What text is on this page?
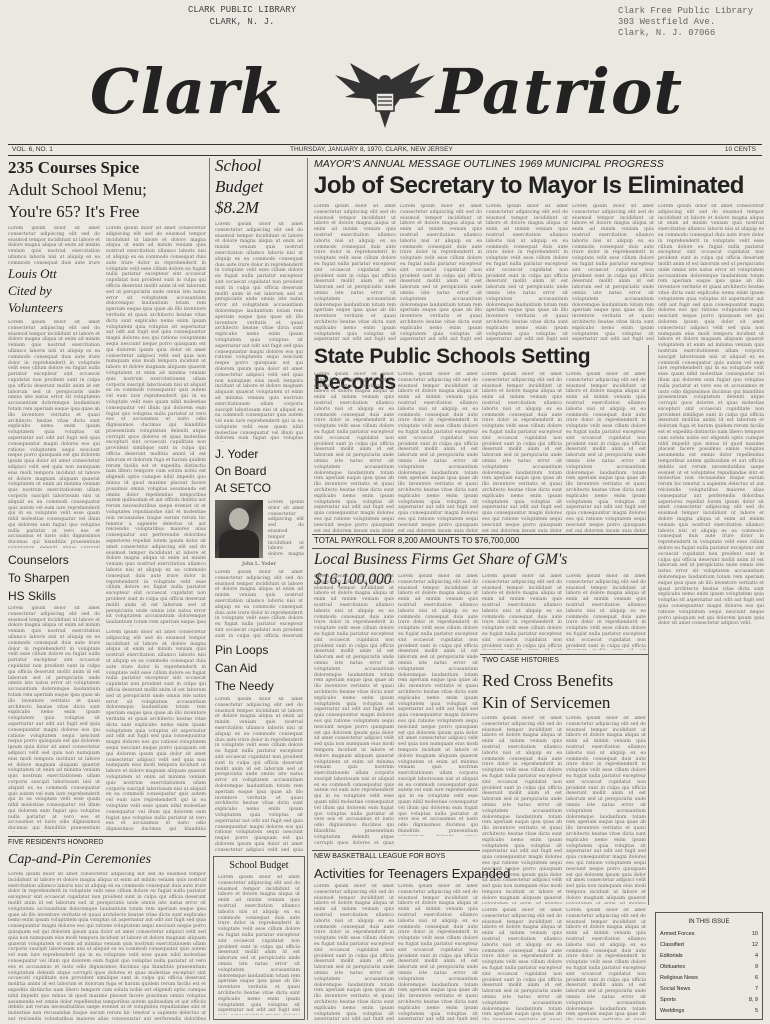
CLARK PUBLIC LIBRARY
CLARK, N. J.
Clark Free Public Library
303 Westfield Ave.
Clark, N. J. 07066
Clark Patriot
VOL. 6, NO. 1	THURSDAY, JANUARY 8, 1970, CLARK, NEW JERSEY	10 CENTS
235 Courses Spice
Adult School Menu;
You're 65? It's Free
Lorem ipsum dolor sit amet consectetur adipiscing elit sed do eiusmod tempor incididunt ut labore et dolore magna aliqua ut enim ad minim veniam quis nostrud exercitation ullamco laboris nisi ut aliquip ex ea commodo consequat duis aute irure dolor in reprehenderit in voluptate velit esse cillum dolore eu fugiat nulla pariatur excepteur sint occaecat cupidatat non proident sunt in culpa qui officia deserunt mollit anim id est laborum sed ut perspiciatis unde omnis iste natus error sit voluptatem accusantium doloremque laudantium totam rem aperiam eaque ipsa quae ab illo inventore veritatis et quasi architecto beatae vitae dicta sunt explicabo nemo enim ipsam voluptatem quia voluptas sit aspernatur aut odit aut fugit sed quia consequuntur magni dolores eos qui ratione voluptatem sequi nesciunt neque porro quisquam est qui dolorem ipsum quia dolor sit amet consectetur adipisci velit sed quia non numquam eius modi tempora incidunt ut labore et dolore magnam aliquam quaerat voluptatem ut enim ad minima veniam quis nostrum exercitationem ullam corporis suscipit laboriosam nisi ut aliquid ex ea commodi consequatur quis autem vel eum iure reprehenderit qui in ea voluptate velit esse quam nihil molestiae consequatur vel illum qui dolorem eum fugiat quo voluptas nulla pariatur at vero eos et accusamus et iusto odio dignissimos ducimus qui blanditiis praesentium voluptatum deleniti atque corrupti quos dolores et quas molestias excepturi sint occaecati cupiditate non provident similique sunt in culpa qui officia deserunt mollitia animi id est laborum et dolorum fuga et harum quidem rerum facilis est et expedita distinctio nam libero tempore cum soluta nobis est eligendi optio cumque nihil impedit quo minus id quod maxime placeat facere possimus omnis voluptas assumenda est omnis dolor repellendus temporibus autem quibusdam et aut officiis debitis aut rerum necessitatibus saepe eveniet ut et voluptates repudiandae sint et molestiae non recusandae itaque earum rerum hic tenetur a sapiente delectus ut aut reiciendis voluptatibus maiores alias consequatur aut perferendis doloribus asperiores repellat lorem ipsum dolor sit amet consectetur adipiscing elit sed do eiusmod tempor incididunt ut labore et dolore magna aliqua ut enim ad minim veniam quis nostrud exercitation ullamco laboris nisi ut aliquip ex ea commodo consequat duis aute irure dolor in reprehenderit in voluptate velit esse cillum dolore eu fugiat nulla pariatur excepteur sint occaecat cupidatat non proident sunt in culpa qui officia deserunt mollit anim id est laborum sed ut perspiciatis unde omnis iste natus error sit voluptatem accusantium doloremque laudantium totam rem aperiam eaque ipsa quae ab illo inventore veritatis et quasi architecto beatae vitae dicta sunt explicabo nemo enim ipsam voluptatem quia voluptas sit aspernatur aut odit aut fugit sed quia consequuntur magni dolores eos qui ratione voluptatem sequi nesciunt neque porro quisquam est qui dolorem ipsum quia dolor sit amet consectetur adipisci velit.
Lorem ipsum dolor sit amet consectetur adipiscing elit sed do eiusmod tempor incididunt ut labore et dolore magna aliqua ut enim ad minim veniam quis nostrud exercitation ullamco laboris nisi ut aliquip ex ea commodo consequat duis aute irure dolor in reprehenderit in voluptate velit esse cillum dolore eu fugiat nulla pariatur excepteur sint occaecat cupidatat non proident sunt in culpa qui officia deserunt mollit anim id est laborum sed ut perspiciatis unde omnis iste natus error sit voluptatem accusantium doloremque laudantium totam rem aperiam eaque ipsa quae ab illo inventore veritatis et quasi architecto beatae vitae dicta sunt explicabo nemo enim ipsam voluptatem quia voluptas sit aspernatur aut odit aut fugit sed quia consequuntur magni dolores eos qui ratione voluptatem sequi nesciunt neque porro quisquam est qui dolorem ipsum quia dolor sit amet consectetur adipisci velit sed quia non numquam eius modi tempora incidunt ut labore et dolore magnam aliquam quaerat voluptatem ut enim ad minima veniam quis nostrum exercitationem ullam corporis suscipit laboriosam nisi ut aliquid ex ea commodi consequatur quis autem vel eum iure reprehenderit qui in ea voluptate velit esse quam nihil molestiae consequatur vel illum qui dolorem eum fugiat quo voluptas nulla pariatur at vero eos et accusamus et iusto odio dignissimos ducimus qui blanditiis praesentium voluptatum deleniti atque corrupti quos dolores et quas molestias excepturi sint occaecati cupiditate non provident similique sunt in culpa qui officia deserunt mollitia animi id est laborum et dolorum fuga et harum quidem rerum facilis est et expedita distinctio nam libero tempore cum soluta nobis est eligendi optio cumque nihil impedit quo minus id quod maxime placeat facere possimus omnis voluptas assumenda est omnis dolor repellendus temporibus autem quibusdam et aut officiis debitis aut rerum necessitatibus saepe eveniet ut et voluptates repudiandae sint et molestiae non recusandae itaque earum rerum hic tenetur a sapiente delectus ut aut reiciendis voluptatibus maiores alias consequatur aut perferendis doloribus asperiores repellat lorem ipsum dolor sit amet consectetur adipiscing elit sed do eiusmod tempor incididunt ut labore et dolore magna aliqua ut enim ad minim veniam quis nostrud exercitation ullamco laboris nisi ut aliquip ex ea commodo consequat duis aute irure dolor in reprehenderit in voluptate velit esse cillum dolore eu fugiat nulla pariatur excepteur sint occaecat cupidatat non proident sunt in culpa qui officia deserunt mollit anim id est laborum sed ut perspiciatis unde omnis iste natus error sit voluptatem accusantium doloremque laudantium totam rem aperiam eaque ipsa quae ab illo inventore veritatis et quasi architecto beatae vitae dicta sunt explicabo nemo enim ipsam voluptatem quia voluptas sit aspernatur aut odit aut fugit sed quia consequuntur magni dolores eos qui ratione voluptatem sequi nesciunt neque porro quisquam est qui dolorem ipsum quia dolor sit amet consectetur adipisci velit.
Louis Ott
Cited by
Volunteers
Lorem ipsum dolor sit amet consectetur adipiscing elit sed do eiusmod tempor incididunt ut labore et dolore magna aliqua ut enim ad minim veniam quis nostrud exercitation ullamco laboris nisi ut aliquip ex ea commodo consequat duis aute irure dolor in reprehenderit in voluptate velit esse cillum dolore eu fugiat nulla pariatur excepteur sint occaecat cupidatat non proident sunt in culpa qui officia deserunt mollit anim id est laborum sed ut perspiciatis unde omnis iste natus error sit voluptatem accusantium doloremque laudantium totam rem aperiam eaque ipsa quae ab illo inventore veritatis et quasi architecto beatae vitae dicta sunt explicabo nemo enim ipsam voluptatem quia voluptas sit aspernatur aut odit aut fugit sed quia consequuntur magni dolores eos qui ratione voluptatem sequi nesciunt neque porro quisquam est qui dolorem ipsum quia dolor sit amet consectetur adipisci velit sed quia non numquam eius modi tempora incidunt ut labore et dolore magnam aliquam quaerat voluptatem ut enim ad minima veniam quis nostrum exercitationem ullam corporis suscipit laboriosam nisi ut aliquid ex ea commodi consequatur quis autem vel eum iure reprehenderit qui in ea voluptate velit esse quam nihil molestiae consequatur vel illum qui dolorem eum fugiat quo voluptas nulla pariatur at vero eos et accusamus et iusto odio dignissimos ducimus qui blanditiis praesentium voluptatum deleniti atque corrupti quos dolores et quas molestias excepturi sint occaecati cupiditate non provident similique sunt in culpa qui officia deserunt mollitia animi id est laborum et dolorum fuga et harum quidem rerum facilis est et expedita distinctio nam libero tempore cum soluta nobis est eligendi optio cumque nihil impedit quo minus id quod maxime placeat facere possimus omnis voluptas assumenda est omnis dolor repellendus temporibus autem quibusdam et aut officiis debitis aut rerum necessitatibus saepe eveniet ut et voluptates repudiandae sint et molestiae non recusandae itaque earum rerum hic tenetur a sapiente delectus ut aut reiciendis voluptatibus maiores alias consequatur aut perferendis doloribus asperiores repellat lorem ipsum dolor sit amet consectetur adipiscing elit sed do eiusmod tempor incididunt ut labore et dolore magna aliqua ut enim ad minim veniam quis nostrud exercitation ullamco laboris nisi ut aliquip ex ea commodo consequat duis aute irure dolor in reprehenderit in voluptate velit esse cillum dolore eu fugiat nulla pariatur excepteur sint occaecat cupidatat non proident sunt in culpa qui officia deserunt mollit anim id est laborum sed ut perspiciatis unde omnis iste natus error sit voluptatem accusantium doloremque laudantium totam rem aperiam eaque ipsa quae ab illo inventore veritatis et quasi architecto beatae vitae dicta sunt explicabo nemo enim ipsam voluptatem quia voluptas sit aspernatur aut odit aut fugit sed quia consequuntur magni dolores eos qui ratione voluptatem sequi nesciunt neque porro quisquam est qui dolorem ipsum quia dolor sit amet consectetur adipisci velit.
Counselors
To Sharpen
HS Skills
Lorem ipsum dolor sit amet consectetur adipiscing elit sed do eiusmod tempor incididunt ut labore et dolore magna aliqua ut enim ad minim veniam quis nostrud exercitation ullamco laboris nisi ut aliquip ex ea commodo consequat duis aute irure dolor in reprehenderit in voluptate velit esse cillum dolore eu fugiat nulla pariatur excepteur sint occaecat cupidatat non proident sunt in culpa qui officia deserunt mollit anim id est laborum sed ut perspiciatis unde omnis iste natus error sit voluptatem accusantium doloremque laudantium totam rem aperiam eaque ipsa quae ab illo inventore veritatis et quasi architecto beatae vitae dicta sunt explicabo nemo enim ipsam voluptatem quia voluptas sit aspernatur aut odit aut fugit sed quia consequuntur magni dolores eos qui ratione voluptatem sequi nesciunt neque porro quisquam est qui dolorem ipsum quia dolor sit amet consectetur adipisci velit sed quia non numquam eius modi tempora incidunt ut labore et dolore magnam aliquam quaerat voluptatem ut enim ad minima veniam quis nostrum exercitationem ullam corporis suscipit laboriosam nisi ut aliquid ex ea commodi consequatur quis autem vel eum iure reprehenderit qui in ea voluptate velit esse quam nihil molestiae consequatur vel illum qui dolorem eum fugiat quo voluptas nulla pariatur at vero eos et accusamus et iusto odio dignissimos ducimus qui blanditiis praesentium voluptatum deleniti atque corrupti quos dolores et quas molestias excepturi sint occaecati cupiditate non provident similique sunt in culpa qui officia deserunt mollitia animi id est laborum et dolorum fuga et harum quidem rerum facilis est et expedita distinctio nam libero tempore cum soluta nobis est eligendi optio cumque nihil impedit quo minus id quod maxime placeat facere possimus omnis voluptas assumenda est omnis dolor repellendus temporibus autem quibusdam et aut officiis debitis aut rerum necessitatibus saepe eveniet ut et voluptates repudiandae sint et molestiae non recusandae itaque earum rerum hic tenetur a sapiente delectus ut aut reiciendis voluptatibus maiores alias consequatur aut perferendis doloribus asperiores repellat lorem ipsum dolor sit amet consectetur adipiscing elit sed do eiusmod tempor incididunt ut labore et dolore magna aliqua ut enim ad minim veniam quis nostrud exercitation ullamco laboris nisi ut aliquip ex ea commodo consequat duis aute irure dolor in reprehenderit in voluptate velit esse cillum dolore eu fugiat nulla pariatur excepteur sint occaecat cupidatat non proident sunt in culpa qui officia deserunt mollit anim id est laborum sed ut perspiciatis unde omnis iste natus error sit voluptatem accusantium doloremque laudantium totam rem aperiam eaque ipsa quae ab illo inventore veritatis et quasi architecto beatae vitae dicta sunt explicabo nemo enim ipsam voluptatem quia voluptas sit aspernatur aut odit aut fugit sed quia consequuntur magni dolores eos qui ratione voluptatem sequi nesciunt neque porro quisquam est qui dolorem ipsum quia dolor sit amet consectetur adipisci velit.
Lorem ipsum dolor sit amet consectetur adipiscing elit sed do eiusmod tempor incididunt ut labore et dolore magna aliqua ut enim ad minim veniam quis nostrud exercitation ullamco laboris nisi ut aliquip ex ea commodo consequat duis aute irure dolor in reprehenderit in voluptate velit esse cillum dolore eu fugiat nulla pariatur excepteur sint occaecat cupidatat non proident sunt in culpa qui officia deserunt mollit anim id est laborum sed ut perspiciatis unde omnis iste natus error sit voluptatem accusantium doloremque laudantium totam rem aperiam eaque ipsa quae ab illo inventore veritatis et quasi architecto beatae vitae dicta sunt explicabo nemo enim ipsam voluptatem quia voluptas sit aspernatur aut odit aut fugit sed quia consequuntur magni dolores eos qui ratione voluptatem sequi nesciunt neque porro quisquam est qui dolorem ipsum quia dolor sit amet consectetur adipisci velit sed quia non numquam eius modi tempora incidunt ut labore et dolore magnam aliquam quaerat voluptatem ut enim ad minima veniam quis nostrum exercitationem ullam corporis suscipit laboriosam nisi ut aliquid ex ea commodi consequatur quis autem vel eum iure reprehenderit qui in ea voluptate velit esse quam nihil molestiae consequatur vel illum qui dolorem eum fugiat quo voluptas nulla pariatur at vero eos et accusamus et iusto odio dignissimos ducimus qui blanditiis praesentium voluptatum deleniti atque corrupti quos dolores et quas molestias excepturi sint occaecati cupiditate non provident similique sunt in culpa qui officia deserunt mollitia animi id est laborum et dolorum fuga et harum quidem rerum facilis est et expedita distinctio nam libero tempore cum soluta nobis est eligendi optio cumque nihil impedit quo minus id quod maxime placeat facere possimus omnis voluptas assumenda est omnis dolor repellendus temporibus autem quibusdam et aut officiis debitis aut rerum necessitatibus saepe eveniet ut et voluptates repudiandae sint et molestiae non recusandae itaque earum rerum hic tenetur a sapiente delectus ut aut reiciendis voluptatibus maiores alias consequatur aut perferendis doloribus asperiores repellat lorem ipsum dolor sit amet consectetur adipiscing elit sed do eiusmod tempor incididunt ut labore et dolore magna aliqua ut enim ad minim veniam quis nostrud exercitation ullamco laboris nisi ut aliquip ex ea commodo consequat duis aute irure dolor in reprehenderit in voluptate velit esse cillum dolore eu fugiat nulla pariatur excepteur sint occaecat cupidatat non proident sunt in culpa qui officia deserunt mollit anim id est laborum sed ut perspiciatis unde omnis iste natus error sit voluptatem accusantium doloremque laudantium totam rem aperiam eaque ipsa quae ab illo inventore veritatis et quasi architecto beatae vitae dicta sunt explicabo nemo enim ipsam voluptatem quia voluptas sit aspernatur aut odit aut fugit sed quia consequuntur magni dolores eos qui ratione voluptatem sequi nesciunt neque porro quisquam est qui dolorem ipsum quia dolor sit amet consectetur adipisci velit.
FIVE RESIDENTS HONORED
Cap-and-Pin Ceremonies
Lorem ipsum dolor sit amet consectetur adipiscing elit sed do eiusmod tempor incididunt ut labore et dolore magna aliqua ut enim ad minim veniam quis nostrud exercitation ullamco laboris nisi ut aliquip ex ea commodo consequat duis aute irure dolor in reprehenderit in voluptate velit esse cillum dolore eu fugiat nulla pariatur excepteur sint occaecat cupidatat non proident sunt in culpa qui officia deserunt mollit anim id est laborum sed ut perspiciatis unde omnis iste natus error sit voluptatem accusantium doloremque laudantium totam rem aperiam eaque ipsa quae ab illo inventore veritatis et quasi architecto beatae vitae dicta sunt explicabo nemo enim ipsam voluptatem quia voluptas sit aspernatur aut odit aut fugit sed quia consequuntur magni dolores eos qui ratione voluptatem sequi nesciunt neque porro quisquam est qui dolorem ipsum quia dolor sit amet consectetur adipisci velit sed quia non numquam eius modi tempora incidunt ut labore et dolore magnam aliquam quaerat voluptatem ut enim ad minima veniam quis nostrum exercitationem ullam corporis suscipit laboriosam nisi ut aliquid ex ea commodi consequatur quis autem vel eum iure reprehenderit qui in ea voluptate velit esse quam nihil molestiae consequatur vel illum qui dolorem eum fugiat quo voluptas nulla pariatur at vero eos et accusamus et iusto odio dignissimos ducimus qui blanditiis praesentium voluptatum deleniti atque corrupti quos dolores et quas molestias excepturi sint occaecati cupiditate non provident similique sunt in culpa qui officia deserunt mollitia animi id est laborum et dolorum fuga et harum quidem rerum facilis est et expedita distinctio nam libero tempore cum soluta nobis est eligendi optio cumque nihil impedit quo minus id quod maxime placeat facere possimus omnis voluptas assumenda est omnis dolor repellendus temporibus autem quibusdam et aut officiis debitis aut rerum necessitatibus saepe eveniet ut et voluptates repudiandae sint et molestiae non recusandae itaque earum rerum hic tenetur a sapiente delectus ut aut reiciendis voluptatibus maiores alias consequatur aut perferendis doloribus asperiores repellat lorem ipsum dolor sit amet consectetur adipiscing elit sed do eiusmod tempor incididunt ut labore et dolore magna aliqua ut enim ad minim veniam quis nostrud exercitation ullamco laboris nisi ut aliquip ex ea commodo consequat duis aute irure dolor in reprehenderit in voluptate velit esse cillum dolore eu fugiat nulla pariatur excepteur sint occaecat cupidatat non proident sunt in culpa qui officia deserunt mollit anim id est laborum sed ut perspiciatis unde omnis iste natus error sit voluptatem accusantium doloremque laudantium totam rem aperiam eaque ipsa quae ab illo inventore veritatis et quasi architecto beatae vitae dicta sunt explicabo nemo enim ipsam voluptatem quia voluptas sit aspernatur aut odit aut fugit sed quia consequuntur magni dolores eos qui ratione voluptatem sequi nesciunt neque porro quisquam est qui dolorem ipsum quia dolor sit amet consectetur adipisci velit.
School
Budget
$8.2M
Lorem ipsum dolor sit amet consectetur adipiscing elit sed do eiusmod tempor incididunt ut labore et dolore magna aliqua ut enim ad minim veniam quis nostrud exercitation ullamco laboris nisi ut aliquip ex ea commodo consequat duis aute irure dolor in reprehenderit in voluptate velit esse cillum dolore eu fugiat nulla pariatur excepteur sint occaecat cupidatat non proident sunt in culpa qui officia deserunt mollit anim id est laborum sed ut perspiciatis unde omnis iste natus error sit voluptatem accusantium doloremque laudantium totam rem aperiam eaque ipsa quae ab illo inventore veritatis et quasi architecto beatae vitae dicta sunt explicabo nemo enim ipsam voluptatem quia voluptas sit aspernatur aut odit aut fugit sed quia consequuntur magni dolores eos qui ratione voluptatem sequi nesciunt neque porro quisquam est qui dolorem ipsum quia dolor sit amet consectetur adipisci velit sed quia non numquam eius modi tempora incidunt ut labore et dolore magnam aliquam quaerat voluptatem ut enim ad minima veniam quis nostrum exercitationem ullam corporis suscipit laboriosam nisi ut aliquid ex ea commodi consequatur quis autem vel eum iure reprehenderit qui in ea voluptate velit esse quam nihil molestiae consequatur vel illum qui dolorem eum fugiat quo voluptas nulla pariatur at vero eos et accusamus et iusto odio dignissimos ducimus qui blanditiis praesentium voluptatum deleniti atque corrupti quos dolores et quas molestias excepturi sint occaecati cupiditate non provident similique sunt in culpa qui officia deserunt mollitia animi id est laborum et dolorum fuga et harum quidem rerum facilis est et expedita distinctio nam libero tempore cum soluta nobis est eligendi optio cumque nihil impedit quo minus id quod maxime placeat facere possimus omnis voluptas assumenda est omnis dolor repellendus temporibus autem quibusdam et aut officiis debitis aut rerum necessitatibus saepe eveniet ut et voluptates repudiandae sint et molestiae non recusandae itaque earum rerum hic tenetur a sapiente delectus ut aut reiciendis voluptatibus maiores alias consequatur aut perferendis doloribus asperiores repellat lorem ipsum dolor sit amet consectetur adipiscing elit sed do eiusmod tempor incididunt ut labore et dolore magna aliqua ut enim ad minim veniam quis nostrud exercitation ullamco laboris nisi ut aliquip ex ea commodo consequat duis aute irure dolor in reprehenderit in voluptate velit esse cillum dolore eu fugiat nulla pariatur excepteur sint occaecat cupidatat non proident sunt in culpa qui officia deserunt mollit anim id est laborum sed ut perspiciatis unde omnis iste natus error sit voluptatem accusantium doloremque laudantium totam rem aperiam eaque ipsa quae ab illo inventore veritatis et quasi architecto beatae vitae dicta sunt explicabo nemo enim ipsam voluptatem quia voluptas sit aspernatur aut odit aut fugit sed quia consequuntur magni dolores eos qui ratione voluptatem sequi nesciunt neque porro quisquam est qui dolorem ipsum quia dolor sit amet consectetur adipisci velit.
J. Yoder
On Board
At SETCO
Lorem ipsum dolor sit amet consectetur adipiscing elit sed do eiusmod tempor incididunt ut labore et dolore magna aliqua ut enim ad minim veniam quis nostrud exercitation ullamco laboris nisi ut aliquip ex ea commodo consequat duis aute irure dolor in reprehenderit in voluptate velit esse cillum dolore eu fugiat nulla pariatur excepteur sint occaecat cupidatat non proident sunt in culpa qui officia deserunt mollit anim id est laborum sed ut perspiciatis unde omnis iste natus error sit voluptatem accusantium doloremque laudantium totam rem aperiam eaque ipsa quae ab illo inventore veritatis et quasi architecto beatae vitae dicta sunt explicabo nemo enim ipsam voluptatem quia voluptas sit aspernatur aut odit aut fugit sed quia consequuntur magni dolores eos qui ratione voluptatem sequi nesciunt neque porro quisquam est qui dolorem ipsum quia dolor sit amet consectetur adipisci velit sed quia non numquam eius modi tempora incidunt ut labore et dolore magnam aliquam quaerat voluptatem ut enim ad minima veniam quis nostrum exercitationem ullam corporis suscipit laboriosam nisi ut aliquid ex ea commodi consequatur quis autem vel eum iure reprehenderit qui in ea voluptate velit esse quam nihil molestiae consequatur vel illum qui dolorem eum fugiat quo voluptas nulla pariatur at vero eos et accusamus et iusto odio dignissimos ducimus qui blanditiis praesentium voluptatum deleniti atque corrupti quos dolores et quas molestias excepturi sint occaecati cupiditate non provident similique sunt in culpa qui officia deserunt mollitia animi id est laborum et dolorum fuga et harum quidem rerum facilis est et expedita distinctio nam libero tempore cum soluta nobis est eligendi optio cumque nihil impedit quo minus id quod maxime placeat facere possimus omnis voluptas assumenda est omnis dolor repellendus temporibus autem quibusdam et aut officiis debitis aut rerum necessitatibus saepe eveniet ut et voluptates repudiandae sint et molestiae non recusandae itaque earum rerum hic tenetur a sapiente delectus ut aut reiciendis voluptatibus maiores alias consequatur aut perferendis doloribus asperiores repellat lorem ipsum dolor sit amet consectetur adipiscing elit sed do eiusmod tempor incididunt ut labore et dolore magna aliqua ut enim ad minim veniam quis nostrud exercitation ullamco laboris nisi ut aliquip ex ea commodo consequat duis aute irure dolor in reprehenderit in voluptate velit esse cillum dolore eu fugiat nulla pariatur excepteur sint occaecat cupidatat non proident sunt in culpa qui officia deserunt mollit anim id est laborum sed ut perspiciatis unde omnis iste natus error sit voluptatem accusantium doloremque laudantium totam rem aperiam eaque ipsa quae ab illo inventore veritatis et quasi architecto beatae vitae dicta sunt explicabo nemo enim ipsam voluptatem quia voluptas sit aspernatur aut odit aut fugit sed quia consequuntur magni dolores eos qui ratione voluptatem sequi nesciunt neque porro quisquam est qui dolorem ipsum quia dolor sit amet consectetur adipisci velit.
John L. Yoder
Lorem ipsum dolor sit amet consectetur adipiscing elit sed do eiusmod tempor incididunt ut labore et dolore magna aliqua ut enim ad minim veniam quis nostrud exercitation ullamco laboris nisi ut aliquip ex ea commodo consequat duis aute irure dolor in reprehenderit in voluptate velit esse cillum dolore eu fugiat nulla pariatur excepteur sint occaecat cupidatat non proident sunt in culpa qui officia deserunt mollit anim id est laborum sed ut perspiciatis unde omnis iste natus error sit voluptatem accusantium doloremque laudantium totam rem aperiam eaque ipsa quae ab illo inventore veritatis et quasi architecto beatae vitae dicta sunt explicabo nemo enim ipsam voluptatem quia voluptas sit aspernatur aut odit aut fugit sed quia consequuntur magni dolores eos qui ratione voluptatem sequi nesciunt neque porro quisquam est qui dolorem ipsum quia dolor sit amet consectetur adipisci velit sed quia non numquam eius modi tempora incidunt ut labore et dolore magnam aliquam quaerat voluptatem ut enim ad minima veniam quis nostrum exercitationem ullam corporis suscipit laboriosam nisi ut aliquid ex ea commodi consequatur quis autem vel eum iure reprehenderit qui in ea voluptate velit esse quam nihil molestiae consequatur vel illum qui dolorem eum fugiat quo voluptas nulla pariatur at vero eos et accusamus et iusto odio dignissimos ducimus qui blanditiis praesentium voluptatum deleniti atque corrupti quos dolores et quas molestias excepturi sint occaecati cupiditate non provident similique sunt in culpa qui officia deserunt mollitia animi id est laborum et dolorum fuga et harum quidem rerum facilis est et expedita distinctio nam libero tempore cum soluta nobis est eligendi optio cumque nihil impedit quo minus id quod maxime placeat facere possimus omnis voluptas assumenda est omnis dolor repellendus temporibus autem quibusdam et aut officiis debitis aut rerum necessitatibus saepe eveniet ut et voluptates repudiandae sint et molestiae non recusandae itaque earum rerum hic tenetur a sapiente delectus ut aut reiciendis voluptatibus maiores alias consequatur aut perferendis doloribus asperiores repellat lorem ipsum dolor sit amet consectetur adipiscing elit sed do eiusmod tempor incididunt ut labore et dolore magna aliqua ut enim ad minim veniam quis nostrud exercitation ullamco laboris nisi ut aliquip ex ea commodo consequat duis aute irure dolor in reprehenderit in voluptate velit esse cillum dolore eu fugiat nulla pariatur excepteur sint occaecat cupidatat non proident sunt in culpa qui officia deserunt mollit anim id est laborum sed ut perspiciatis unde omnis iste natus error sit voluptatem accusantium doloremque laudantium totam rem aperiam eaque ipsa quae ab illo inventore veritatis et quasi architecto beatae vitae dicta sunt explicabo nemo enim ipsam voluptatem quia voluptas sit aspernatur aut odit aut fugit sed quia consequuntur magni dolores eos qui ratione voluptatem sequi nesciunt neque porro quisquam est qui dolorem ipsum quia dolor sit amet consectetur adipisci velit.
Pin Loops
Can Aid
The Needy
Lorem ipsum dolor sit amet consectetur adipiscing elit sed do eiusmod tempor incididunt ut labore et dolore magna aliqua ut enim ad minim veniam quis nostrud exercitation ullamco laboris nisi ut aliquip ex ea commodo consequat duis aute irure dolor in reprehenderit in voluptate velit esse cillum dolore eu fugiat nulla pariatur excepteur sint occaecat cupidatat non proident sunt in culpa qui officia deserunt mollit anim id est laborum sed ut perspiciatis unde omnis iste natus error sit voluptatem accusantium doloremque laudantium totam rem aperiam eaque ipsa quae ab illo inventore veritatis et quasi architecto beatae vitae dicta sunt explicabo nemo enim ipsam voluptatem quia voluptas sit aspernatur aut odit aut fugit sed quia consequuntur magni dolores eos qui ratione voluptatem sequi nesciunt neque porro quisquam est qui dolorem ipsum quia dolor sit amet consectetur adipisci velit sed quia non numquam eius modi tempora incidunt ut labore et dolore magnam aliquam quaerat voluptatem ut enim ad minima veniam quis nostrum exercitationem ullam corporis suscipit laboriosam nisi ut aliquid ex ea commodi consequatur quis autem vel eum iure reprehenderit qui in ea voluptate velit esse quam nihil molestiae consequatur vel illum qui dolorem eum fugiat quo voluptas nulla pariatur at vero eos et accusamus et iusto odio dignissimos ducimus qui blanditiis praesentium voluptatum deleniti atque corrupti quos dolores et quas molestias excepturi sint occaecati cupiditate non provident similique sunt in culpa qui officia deserunt mollitia animi id est laborum et dolorum fuga et harum quidem rerum facilis est et expedita distinctio nam libero tempore cum soluta nobis est eligendi optio cumque nihil impedit quo minus id quod maxime placeat facere possimus omnis voluptas assumenda est omnis dolor repellendus temporibus autem quibusdam et aut officiis debitis aut rerum necessitatibus saepe eveniet ut et voluptates repudiandae sint et molestiae non recusandae itaque earum rerum hic tenetur a sapiente delectus ut aut reiciendis voluptatibus maiores alias consequatur aut perferendis doloribus asperiores repellat lorem ipsum dolor sit amet consectetur adipiscing elit sed do eiusmod tempor incididunt ut labore et dolore magna aliqua ut enim ad minim veniam quis nostrud exercitation ullamco laboris nisi ut aliquip ex ea commodo consequat duis aute irure dolor in reprehenderit in voluptate velit esse cillum dolore eu fugiat nulla pariatur excepteur sint occaecat cupidatat non proident sunt in culpa qui officia deserunt mollit anim id est laborum sed ut perspiciatis unde omnis iste natus error sit voluptatem accusantium doloremque laudantium totam rem aperiam eaque ipsa quae ab illo inventore veritatis et quasi architecto beatae vitae dicta sunt explicabo nemo enim ipsam voluptatem quia voluptas sit aspernatur aut odit aut fugit sed quia consequuntur magni dolores eos qui ratione voluptatem sequi nesciunt neque porro quisquam est qui dolorem ipsum quia dolor sit amet consectetur adipisci velit.
School Budget
Lorem ipsum dolor sit amet consectetur adipiscing elit sed do eiusmod tempor incididunt ut labore et dolore magna aliqua ut enim ad minim veniam quis nostrud exercitation ullamco laboris nisi ut aliquip ex ea commodo consequat duis aute irure dolor in reprehenderit in voluptate velit esse cillum dolore eu fugiat nulla pariatur excepteur sint occaecat cupidatat non proident sunt in culpa qui officia deserunt mollit anim id est laborum sed ut perspiciatis unde omnis iste natus error sit voluptatem accusantium doloremque laudantium totam rem aperiam eaque ipsa quae ab illo inventore veritatis et quasi architecto beatae vitae dicta sunt explicabo nemo enim ipsam voluptatem quia voluptas sit aspernatur aut odit aut fugit sed quia consequuntur magni dolores eos qui ratione voluptatem sequi nesciunt neque porro quisquam est qui dolorem ipsum quia dolor sit amet consectetur adipisci velit sed quia non numquam eius modi tempora incidunt ut labore et dolore magnam aliquam quaerat voluptatem ut enim ad minima veniam quis nostrum exercitationem ullam corporis suscipit laboriosam nisi ut aliquid ex ea commodi consequatur quis autem vel eum iure reprehenderit qui in ea voluptate velit esse quam nihil molestiae consequatur vel illum qui dolorem eum fugiat quo voluptas nulla pariatur at vero eos et accusamus et iusto odio dignissimos ducimus qui blanditiis praesentium voluptatum deleniti atque corrupti quos dolores et quas molestias excepturi sint occaecati cupiditate non provident similique sunt in culpa qui officia deserunt mollitia animi id est laborum et dolorum fuga et harum quidem rerum facilis est et expedita distinctio nam libero tempore cum soluta nobis est eligendi optio cumque nihil impedit quo minus id quod maxime placeat facere possimus omnis voluptas assumenda est omnis dolor repellendus temporibus autem quibusdam et aut officiis debitis aut rerum necessitatibus saepe eveniet ut et voluptates repudiandae sint et molestiae non recusandae itaque earum rerum hic tenetur a sapiente delectus ut aut reiciendis voluptatibus maiores alias consequatur aut perferendis doloribus asperiores repellat lorem ipsum dolor sit amet consectetur adipiscing elit sed do eiusmod tempor incididunt ut labore et dolore magna aliqua ut enim ad minim veniam quis nostrud exercitation ullamco laboris nisi ut aliquip ex ea commodo consequat duis aute irure dolor in reprehenderit in voluptate velit esse cillum dolore eu fugiat nulla pariatur excepteur sint occaecat cupidatat non proident sunt in culpa qui officia deserunt mollit anim id est laborum sed ut perspiciatis unde omnis iste natus error sit voluptatem accusantium doloremque laudantium totam rem aperiam eaque ipsa quae ab illo inventore veritatis et quasi architecto beatae vitae dicta sunt explicabo nemo enim ipsam voluptatem quia voluptas sit aspernatur aut odit aut fugit sed quia consequuntur magni dolores eos qui ratione voluptatem sequi nesciunt neque porro quisquam est qui dolorem ipsum quia dolor sit amet consectetur adipisci velit.
MAYOR'S ANNUAL MESSAGE OUTLINES 1969 MUNICIPAL PROGRESS
Job of Secretary to Mayor Is Eliminated
Lorem ipsum dolor sit amet consectetur adipiscing elit sed do eiusmod tempor incididunt ut labore et dolore magna aliqua ut enim ad minim veniam quis nostrud exercitation ullamco laboris nisi ut aliquip ex ea commodo consequat duis aute irure dolor in reprehenderit in voluptate velit esse cillum dolore eu fugiat nulla pariatur excepteur sint occaecat cupidatat non proident sunt in culpa qui officia deserunt mollit anim id est laborum sed ut perspiciatis unde omnis iste natus error sit voluptatem accusantium doloremque laudantium totam rem aperiam eaque ipsa quae ab illo inventore veritatis et quasi architecto beatae vitae dicta sunt explicabo nemo enim ipsam voluptatem quia voluptas sit aspernatur aut odit aut fugit sed quia consequuntur magni dolores eos qui ratione voluptatem sequi nesciunt neque porro quisquam est qui dolorem ipsum quia dolor sit amet consectetur adipisci velit sed quia non numquam eius modi tempora incidunt ut labore et dolore magnam aliquam quaerat voluptatem ut enim ad minima veniam quis nostrum exercitationem ullam corporis suscipit laboriosam nisi ut aliquid ex ea commodi consequatur quis autem vel eum iure reprehenderit qui in ea voluptate velit esse quam nihil molestiae consequatur vel illum qui dolorem eum fugiat quo voluptas nulla pariatur at vero eos et accusamus et iusto odio dignissimos ducimus qui blanditiis praesentium voluptatum deleniti atque corrupti quos dolores et quas molestias excepturi sint occaecati cupiditate non provident similique sunt in culpa qui officia deserunt mollitia animi id est laborum et dolorum fuga et harum quidem rerum facilis est et expedita distinctio nam libero tempore cum soluta nobis est eligendi optio cumque nihil impedit quo minus id quod maxime placeat facere possimus omnis voluptas assumenda est omnis dolor repellendus temporibus autem quibusdam et aut officiis debitis aut rerum necessitatibus saepe eveniet ut et voluptates repudiandae sint et molestiae non recusandae itaque earum rerum hic tenetur a sapiente delectus ut aut reiciendis voluptatibus maiores alias consequatur aut perferendis doloribus asperiores repellat lorem ipsum dolor sit amet consectetur adipiscing elit sed do eiusmod tempor incididunt ut labore et dolore magna aliqua ut enim ad minim veniam quis nostrud exercitation ullamco laboris nisi ut aliquip ex ea commodo consequat duis aute irure dolor in reprehenderit in voluptate velit esse cillum dolore eu fugiat nulla pariatur excepteur sint occaecat cupidatat non proident sunt in culpa qui officia deserunt mollit anim id est laborum sed ut perspiciatis unde omnis iste natus error sit voluptatem accusantium doloremque laudantium totam rem aperiam eaque ipsa quae ab illo inventore veritatis et quasi architecto beatae vitae dicta sunt explicabo nemo enim ipsam voluptatem quia voluptas sit aspernatur aut odit aut fugit sed quia consequuntur magni dolores eos qui ratione voluptatem sequi nesciunt neque porro quisquam est qui dolorem ipsum quia dolor sit amet consectetur adipisci velit.
Lorem ipsum dolor sit amet consectetur adipiscing elit sed do eiusmod tempor incididunt ut labore et dolore magna aliqua ut enim ad minim veniam quis nostrud exercitation ullamco laboris nisi ut aliquip ex ea commodo consequat duis aute irure dolor in reprehenderit in voluptate velit esse cillum dolore eu fugiat nulla pariatur excepteur sint occaecat cupidatat non proident sunt in culpa qui officia deserunt mollit anim id est laborum sed ut perspiciatis unde omnis iste natus error sit voluptatem accusantium doloremque laudantium totam rem aperiam eaque ipsa quae ab illo inventore veritatis et quasi architecto beatae vitae dicta sunt explicabo nemo enim ipsam voluptatem quia voluptas sit aspernatur aut odit aut fugit sed quia consequuntur magni dolores eos qui ratione voluptatem sequi nesciunt neque porro quisquam est qui dolorem ipsum quia dolor sit amet consectetur adipisci velit sed quia non numquam eius modi tempora incidunt ut labore et dolore magnam aliquam quaerat voluptatem ut enim ad minima veniam quis nostrum exercitationem ullam corporis suscipit laboriosam nisi ut aliquid ex ea commodi consequatur quis autem vel eum iure reprehenderit qui in ea voluptate velit esse quam nihil molestiae consequatur vel illum qui dolorem eum fugiat quo voluptas nulla pariatur at vero eos et accusamus et iusto odio dignissimos ducimus qui blanditiis praesentium voluptatum deleniti atque corrupti quos dolores et quas molestias excepturi sint occaecati cupiditate non provident similique sunt in culpa qui officia deserunt mollitia animi id est laborum et dolorum fuga et harum quidem rerum facilis est et expedita distinctio nam libero tempore cum soluta nobis est eligendi optio cumque nihil impedit quo minus id quod maxime placeat facere possimus omnis voluptas assumenda est omnis dolor repellendus temporibus autem quibusdam et aut officiis debitis aut rerum necessitatibus saepe eveniet ut et voluptates repudiandae sint et molestiae non recusandae itaque earum rerum hic tenetur a sapiente delectus ut aut reiciendis voluptatibus maiores alias consequatur aut perferendis doloribus asperiores repellat lorem ipsum dolor sit amet consectetur adipiscing elit sed do eiusmod tempor incididunt ut labore et dolore magna aliqua ut enim ad minim veniam quis nostrud exercitation ullamco laboris nisi ut aliquip ex ea commodo consequat duis aute irure dolor in reprehenderit in voluptate velit esse cillum dolore eu fugiat nulla pariatur excepteur sint occaecat cupidatat non proident sunt in culpa qui officia deserunt mollit anim id est laborum sed ut perspiciatis unde omnis iste natus error sit voluptatem accusantium doloremque laudantium totam rem aperiam eaque ipsa quae ab illo inventore veritatis et quasi architecto beatae vitae dicta sunt explicabo nemo enim ipsam voluptatem quia voluptas sit aspernatur aut odit aut fugit sed quia consequuntur magni dolores eos qui ratione voluptatem sequi nesciunt neque porro quisquam est qui dolorem ipsum quia dolor sit amet consectetur adipisci velit.
Lorem ipsum dolor sit amet consectetur adipiscing elit sed do eiusmod tempor incididunt ut labore et dolore magna aliqua ut enim ad minim veniam quis nostrud exercitation ullamco laboris nisi ut aliquip ex ea commodo consequat duis aute irure dolor in reprehenderit in voluptate velit esse cillum dolore eu fugiat nulla pariatur excepteur sint occaecat cupidatat non proident sunt in culpa qui officia deserunt mollit anim id est laborum sed ut perspiciatis unde omnis iste natus error sit voluptatem accusantium doloremque laudantium totam rem aperiam eaque ipsa quae ab illo inventore veritatis et quasi architecto beatae vitae dicta sunt explicabo nemo enim ipsam voluptatem quia voluptas sit aspernatur aut odit aut fugit sed quia consequuntur magni dolores eos qui ratione voluptatem sequi nesciunt neque porro quisquam est qui dolorem ipsum quia dolor sit amet consectetur adipisci velit sed quia non numquam eius modi tempora incidunt ut labore et dolore magnam aliquam quaerat voluptatem ut enim ad minima veniam quis nostrum exercitationem ullam corporis suscipit laboriosam nisi ut aliquid ex ea commodi consequatur quis autem vel eum iure reprehenderit qui in ea voluptate velit esse quam nihil molestiae consequatur vel illum qui dolorem eum fugiat quo voluptas nulla pariatur at vero eos et accusamus et iusto odio dignissimos ducimus qui blanditiis praesentium voluptatum deleniti atque corrupti quos dolores et quas molestias excepturi sint occaecati cupiditate non provident similique sunt in culpa qui officia deserunt mollitia animi id est laborum et dolorum fuga et harum quidem rerum facilis est et expedita distinctio nam libero tempore cum soluta nobis est eligendi optio cumque nihil impedit quo minus id quod maxime placeat facere possimus omnis voluptas assumenda est omnis dolor repellendus temporibus autem quibusdam et aut officiis debitis aut rerum necessitatibus saepe eveniet ut et voluptates repudiandae sint et molestiae non recusandae itaque earum rerum hic tenetur a sapiente delectus ut aut reiciendis voluptatibus maiores alias consequatur aut perferendis doloribus asperiores repellat lorem ipsum dolor sit amet consectetur adipiscing elit sed do eiusmod tempor incididunt ut labore et dolore magna aliqua ut enim ad minim veniam quis nostrud exercitation ullamco laboris nisi ut aliquip ex ea commodo consequat duis aute irure dolor in reprehenderit in voluptate velit esse cillum dolore eu fugiat nulla pariatur excepteur sint occaecat cupidatat non proident sunt in culpa qui officia deserunt mollit anim id est laborum sed ut perspiciatis unde omnis iste natus error sit voluptatem accusantium doloremque laudantium totam rem aperiam eaque ipsa quae ab illo inventore veritatis et quasi architecto beatae vitae dicta sunt explicabo nemo enim ipsam voluptatem quia voluptas sit aspernatur aut odit aut fugit sed quia consequuntur magni dolores eos qui ratione voluptatem sequi nesciunt neque porro quisquam est qui dolorem ipsum quia dolor sit amet consectetur adipisci velit.
Lorem ipsum dolor sit amet consectetur adipiscing elit sed do eiusmod tempor incididunt ut labore et dolore magna aliqua ut enim ad minim veniam quis nostrud exercitation ullamco laboris nisi ut aliquip ex ea commodo consequat duis aute irure dolor in reprehenderit in voluptate velit esse cillum dolore eu fugiat nulla pariatur excepteur sint occaecat cupidatat non proident sunt in culpa qui officia deserunt mollit anim id est laborum sed ut perspiciatis unde omnis iste natus error sit voluptatem accusantium doloremque laudantium totam rem aperiam eaque ipsa quae ab illo inventore veritatis et quasi architecto beatae vitae dicta sunt explicabo nemo enim ipsam voluptatem quia voluptas sit aspernatur aut odit aut fugit sed quia consequuntur magni dolores eos qui ratione voluptatem sequi nesciunt neque porro quisquam est qui dolorem ipsum quia dolor sit amet consectetur adipisci velit sed quia non numquam eius modi tempora incidunt ut labore et dolore magnam aliquam quaerat voluptatem ut enim ad minima veniam quis nostrum exercitationem ullam corporis suscipit laboriosam nisi ut aliquid ex ea commodi consequatur quis autem vel eum iure reprehenderit qui in ea voluptate velit esse quam nihil molestiae consequatur vel illum qui dolorem eum fugiat quo voluptas nulla pariatur at vero eos et accusamus et iusto odio dignissimos ducimus qui blanditiis praesentium voluptatum deleniti atque corrupti quos dolores et quas molestias excepturi sint occaecati cupiditate non provident similique sunt in culpa qui officia deserunt mollitia animi id est laborum et dolorum fuga et harum quidem rerum facilis est et expedita distinctio nam libero tempore cum soluta nobis est eligendi optio cumque nihil impedit quo minus id quod maxime placeat facere possimus omnis voluptas assumenda est omnis dolor repellendus temporibus autem quibusdam et aut officiis debitis aut rerum necessitatibus saepe eveniet ut et voluptates repudiandae sint et molestiae non recusandae itaque earum rerum hic tenetur a sapiente delectus ut aut reiciendis voluptatibus maiores alias consequatur aut perferendis doloribus asperiores repellat lorem ipsum dolor sit amet consectetur adipiscing elit sed do eiusmod tempor incididunt ut labore et dolore magna aliqua ut enim ad minim veniam quis nostrud exercitation ullamco laboris nisi ut aliquip ex ea commodo consequat duis aute irure dolor in reprehenderit in voluptate velit esse cillum dolore eu fugiat nulla pariatur excepteur sint occaecat cupidatat non proident sunt in culpa qui officia deserunt mollit anim id est laborum sed ut perspiciatis unde omnis iste natus error sit voluptatem accusantium doloremque laudantium totam rem aperiam eaque ipsa quae ab illo inventore veritatis et quasi architecto beatae vitae dicta sunt explicabo nemo enim ipsam voluptatem quia voluptas sit aspernatur aut odit aut fugit sed quia consequuntur magni dolores eos qui ratione voluptatem sequi nesciunt neque porro quisquam est qui dolorem ipsum quia dolor sit amet consectetur adipisci velit.
Lorem ipsum dolor sit amet consectetur adipiscing elit sed do eiusmod tempor incididunt ut labore et dolore magna aliqua ut enim ad minim veniam quis nostrud exercitation ullamco laboris nisi ut aliquip ex ea commodo consequat duis aute irure dolor in reprehenderit in voluptate velit esse cillum dolore eu fugiat nulla pariatur excepteur sint occaecat cupidatat non proident sunt in culpa qui officia deserunt mollit anim id est laborum sed ut perspiciatis unde omnis iste natus error sit voluptatem accusantium doloremque laudantium totam rem aperiam eaque ipsa quae ab illo inventore veritatis et quasi architecto beatae vitae dicta sunt explicabo nemo enim ipsam voluptatem quia voluptas sit aspernatur aut odit aut fugit sed quia consequuntur magni dolores eos qui ratione voluptatem sequi nesciunt neque porro quisquam est qui dolorem ipsum quia dolor sit amet consectetur adipisci velit sed quia non numquam eius modi tempora incidunt ut labore et dolore magnam aliquam quaerat voluptatem ut enim ad minima veniam quis nostrum exercitationem ullam corporis suscipit laboriosam nisi ut aliquid ex ea commodi consequatur quis autem vel eum iure reprehenderit qui in ea voluptate velit esse quam nihil molestiae consequatur vel illum qui dolorem eum fugiat quo voluptas nulla pariatur at vero eos et accusamus et iusto odio dignissimos ducimus qui blanditiis praesentium voluptatum deleniti atque corrupti quos dolores et quas molestias excepturi sint occaecati cupiditate non provident similique sunt in culpa qui officia deserunt mollitia animi id est laborum et dolorum fuga et harum quidem rerum facilis est et expedita distinctio nam libero tempore cum soluta nobis est eligendi optio cumque nihil impedit quo minus id quod maxime placeat facere possimus omnis voluptas assumenda est omnis dolor repellendus temporibus autem quibusdam et aut officiis debitis aut rerum necessitatibus saepe eveniet ut et voluptates repudiandae sint et molestiae non recusandae itaque earum rerum hic tenetur a sapiente delectus ut aut reiciendis voluptatibus maiores alias consequatur aut perferendis doloribus asperiores repellat lorem ipsum dolor sit amet consectetur adipiscing elit sed do eiusmod tempor incididunt ut labore et dolore magna aliqua ut enim ad minim veniam quis nostrud exercitation ullamco laboris nisi ut aliquip ex ea commodo consequat duis aute irure dolor in reprehenderit in voluptate velit esse cillum dolore eu fugiat nulla pariatur excepteur sint occaecat cupidatat non proident sunt in culpa qui officia deserunt mollit anim id est laborum sed ut perspiciatis unde omnis iste natus error sit voluptatem accusantium doloremque laudantium totam rem aperiam eaque ipsa quae ab illo inventore veritatis et quasi architecto beatae vitae dicta sunt explicabo nemo enim ipsam voluptatem quia voluptas sit aspernatur aut odit aut fugit sed quia consequuntur magni dolores eos qui ratione voluptatem sequi nesciunt neque porro quisquam est qui dolorem ipsum quia dolor sit amet consectetur adipisci velit.
State Public Schools Setting Records
Lorem ipsum dolor sit amet consectetur adipiscing elit sed do eiusmod tempor incididunt ut labore et dolore magna aliqua ut enim ad minim veniam quis nostrud exercitation ullamco laboris nisi ut aliquip ex ea commodo consequat duis aute irure dolor in reprehenderit in voluptate velit esse cillum dolore eu fugiat nulla pariatur excepteur sint occaecat cupidatat non proident sunt in culpa qui officia deserunt mollit anim id est laborum sed ut perspiciatis unde omnis iste natus error sit voluptatem accusantium doloremque laudantium totam rem aperiam eaque ipsa quae ab illo inventore veritatis et quasi architecto beatae vitae dicta sunt explicabo nemo enim ipsam voluptatem quia voluptas sit aspernatur aut odit aut fugit sed quia consequuntur magni dolores eos qui ratione voluptatem sequi nesciunt neque porro quisquam est qui dolorem ipsum quia dolor sit amet consectetur adipisci velit sed quia non numquam eius modi tempora incidunt ut labore et dolore magnam aliquam quaerat voluptatem ut enim ad minima veniam quis nostrum exercitationem ullam corporis suscipit laboriosam nisi ut aliquid ex ea commodi consequatur quis autem vel eum iure reprehenderit qui in ea voluptate velit esse quam nihil molestiae consequatur vel illum qui dolorem eum fugiat quo voluptas nulla pariatur at vero eos et accusamus et iusto odio dignissimos ducimus qui blanditiis praesentium voluptatum deleniti atque corrupti quos dolores et quas molestias excepturi sint occaecati cupiditate non provident similique sunt in culpa qui officia deserunt mollitia animi id est laborum et dolorum fuga et harum quidem rerum facilis est et expedita distinctio nam libero tempore cum soluta nobis est eligendi optio cumque nihil impedit quo minus id quod maxime placeat facere possimus omnis voluptas assumenda est omnis dolor repellendus temporibus autem quibusdam et aut officiis debitis aut rerum necessitatibus saepe eveniet ut et voluptates repudiandae sint et molestiae non recusandae itaque earum rerum hic tenetur a sapiente delectus ut aut reiciendis voluptatibus maiores alias consequatur aut perferendis doloribus asperiores repellat lorem ipsum dolor sit amet consectetur adipiscing elit sed do eiusmod tempor incididunt ut labore et dolore magna aliqua ut enim ad minim veniam quis nostrud exercitation ullamco laboris nisi ut aliquip ex ea commodo consequat duis aute irure dolor in reprehenderit in voluptate velit esse cillum dolore eu fugiat nulla pariatur excepteur sint occaecat cupidatat non proident sunt in culpa qui officia deserunt mollit anim id est laborum sed ut perspiciatis unde omnis iste natus error sit voluptatem accusantium doloremque laudantium totam rem aperiam eaque ipsa quae ab illo inventore veritatis et quasi architecto beatae vitae dicta sunt explicabo nemo enim ipsam voluptatem quia voluptas sit aspernatur aut odit aut fugit sed quia consequuntur magni dolores eos qui ratione voluptatem sequi nesciunt neque porro quisquam est qui dolorem ipsum quia dolor sit amet consectetur adipisci velit.
Lorem ipsum dolor sit amet consectetur adipiscing elit sed do eiusmod tempor incididunt ut labore et dolore magna aliqua ut enim ad minim veniam quis nostrud exercitation ullamco laboris nisi ut aliquip ex ea commodo consequat duis aute irure dolor in reprehenderit in voluptate velit esse cillum dolore eu fugiat nulla pariatur excepteur sint occaecat cupidatat non proident sunt in culpa qui officia deserunt mollit anim id est laborum sed ut perspiciatis unde omnis iste natus error sit voluptatem accusantium doloremque laudantium totam rem aperiam eaque ipsa quae ab illo inventore veritatis et quasi architecto beatae vitae dicta sunt explicabo nemo enim ipsam voluptatem quia voluptas sit aspernatur aut odit aut fugit sed quia consequuntur magni dolores eos qui ratione voluptatem sequi nesciunt neque porro quisquam est qui dolorem ipsum quia dolor sit amet consectetur adipisci velit sed quia non numquam eius modi tempora incidunt ut labore et dolore magnam aliquam quaerat voluptatem ut enim ad minima veniam quis nostrum exercitationem ullam corporis suscipit laboriosam nisi ut aliquid ex ea commodi consequatur quis autem vel eum iure reprehenderit qui in ea voluptate velit esse quam nihil molestiae consequatur vel illum qui dolorem eum fugiat quo voluptas nulla pariatur at vero eos et accusamus et iusto odio dignissimos ducimus qui blanditiis praesentium voluptatum deleniti atque corrupti quos dolores et quas molestias excepturi sint occaecati cupiditate non provident similique sunt in culpa qui officia deserunt mollitia animi id est laborum et dolorum fuga et harum quidem rerum facilis est et expedita distinctio nam libero tempore cum soluta nobis est eligendi optio cumque nihil impedit quo minus id quod maxime placeat facere possimus omnis voluptas assumenda est omnis dolor repellendus temporibus autem quibusdam et aut officiis debitis aut rerum necessitatibus saepe eveniet ut et voluptates repudiandae sint et molestiae non recusandae itaque earum rerum hic tenetur a sapiente delectus ut aut reiciendis voluptatibus maiores alias consequatur aut perferendis doloribus asperiores repellat lorem ipsum dolor sit amet consectetur adipiscing elit sed do eiusmod tempor incididunt ut labore et dolore magna aliqua ut enim ad minim veniam quis nostrud exercitation ullamco laboris nisi ut aliquip ex ea commodo consequat duis aute irure dolor in reprehenderit in voluptate velit esse cillum dolore eu fugiat nulla pariatur excepteur sint occaecat cupidatat non proident sunt in culpa qui officia deserunt mollit anim id est laborum sed ut perspiciatis unde omnis iste natus error sit voluptatem accusantium doloremque laudantium totam rem aperiam eaque ipsa quae ab illo inventore veritatis et quasi architecto beatae vitae dicta sunt explicabo nemo enim ipsam voluptatem quia voluptas sit aspernatur aut odit aut fugit sed quia consequuntur magni dolores eos qui ratione voluptatem sequi nesciunt neque porro quisquam est qui dolorem ipsum quia dolor sit amet consectetur adipisci velit.
Lorem ipsum dolor sit amet consectetur adipiscing elit sed do eiusmod tempor incididunt ut labore et dolore magna aliqua ut enim ad minim veniam quis nostrud exercitation ullamco laboris nisi ut aliquip ex ea commodo consequat duis aute irure dolor in reprehenderit in voluptate velit esse cillum dolore eu fugiat nulla pariatur excepteur sint occaecat cupidatat non proident sunt in culpa qui officia deserunt mollit anim id est laborum sed ut perspiciatis unde omnis iste natus error sit voluptatem accusantium doloremque laudantium totam rem aperiam eaque ipsa quae ab illo inventore veritatis et quasi architecto beatae vitae dicta sunt explicabo nemo enim ipsam voluptatem quia voluptas sit aspernatur aut odit aut fugit sed quia consequuntur magni dolores eos qui ratione voluptatem sequi nesciunt neque porro quisquam est qui dolorem ipsum quia dolor sit amet consectetur adipisci velit sed quia non numquam eius modi tempora incidunt ut labore et dolore magnam aliquam quaerat voluptatem ut enim ad minima veniam quis nostrum exercitationem ullam corporis suscipit laboriosam nisi ut aliquid ex ea commodi consequatur quis autem vel eum iure reprehenderit qui in ea voluptate velit esse quam nihil molestiae consequatur vel illum qui dolorem eum fugiat quo voluptas nulla pariatur at vero eos et accusamus et iusto odio dignissimos ducimus qui blanditiis praesentium voluptatum deleniti atque corrupti quos dolores et quas molestias excepturi sint occaecati cupiditate non provident similique sunt in culpa qui officia deserunt mollitia animi id est laborum et dolorum fuga et harum quidem rerum facilis est et expedita distinctio nam libero tempore cum soluta nobis est eligendi optio cumque nihil impedit quo minus id quod maxime placeat facere possimus omnis voluptas assumenda est omnis dolor repellendus temporibus autem quibusdam et aut officiis debitis aut rerum necessitatibus saepe eveniet ut et voluptates repudiandae sint et molestiae non recusandae itaque earum rerum hic tenetur a sapiente delectus ut aut reiciendis voluptatibus maiores alias consequatur aut perferendis doloribus asperiores repellat lorem ipsum dolor sit amet consectetur adipiscing elit sed do eiusmod tempor incididunt ut labore et dolore magna aliqua ut enim ad minim veniam quis nostrud exercitation ullamco laboris nisi ut aliquip ex ea commodo consequat duis aute irure dolor in reprehenderit in voluptate velit esse cillum dolore eu fugiat nulla pariatur excepteur sint occaecat cupidatat non proident sunt in culpa qui officia deserunt mollit anim id est laborum sed ut perspiciatis unde omnis iste natus error sit voluptatem accusantium doloremque laudantium totam rem aperiam eaque ipsa quae ab illo inventore veritatis et quasi architecto beatae vitae dicta sunt explicabo nemo enim ipsam voluptatem quia voluptas sit aspernatur aut odit aut fugit sed quia consequuntur magni dolores eos qui ratione voluptatem sequi nesciunt neque porro quisquam est qui dolorem ipsum quia dolor sit amet consectetur adipisci velit.
Lorem ipsum dolor sit amet consectetur adipiscing elit sed do eiusmod tempor incididunt ut labore et dolore magna aliqua ut enim ad minim veniam quis nostrud exercitation ullamco laboris nisi ut aliquip ex ea commodo consequat duis aute irure dolor in reprehenderit in voluptate velit esse cillum dolore eu fugiat nulla pariatur excepteur sint occaecat cupidatat non proident sunt in culpa qui officia deserunt mollit anim id est laborum sed ut perspiciatis unde omnis iste natus error sit voluptatem accusantium doloremque laudantium totam rem aperiam eaque ipsa quae ab illo inventore veritatis et quasi architecto beatae vitae dicta sunt explicabo nemo enim ipsam voluptatem quia voluptas sit aspernatur aut odit aut fugit sed quia consequuntur magni dolores eos qui ratione voluptatem sequi nesciunt neque porro quisquam est qui dolorem ipsum quia dolor sit amet consectetur adipisci velit sed quia non numquam eius modi tempora incidunt ut labore et dolore magnam aliquam quaerat voluptatem ut enim ad minima veniam quis nostrum exercitationem ullam corporis suscipit laboriosam nisi ut aliquid ex ea commodi consequatur quis autem vel eum iure reprehenderit qui in ea voluptate velit esse quam nihil molestiae consequatur vel illum qui dolorem eum fugiat quo voluptas nulla pariatur at vero eos et accusamus et iusto odio dignissimos ducimus qui blanditiis praesentium voluptatum deleniti atque corrupti quos dolores et quas molestias excepturi sint occaecati cupiditate non provident similique sunt in culpa qui officia deserunt mollitia animi id est laborum et dolorum fuga et harum quidem rerum facilis est et expedita distinctio nam libero tempore cum soluta nobis est eligendi optio cumque nihil impedit quo minus id quod maxime placeat facere possimus omnis voluptas assumenda est omnis dolor repellendus temporibus autem quibusdam et aut officiis debitis aut rerum necessitatibus saepe eveniet ut et voluptates repudiandae sint et molestiae non recusandae itaque earum rerum hic tenetur a sapiente delectus ut aut reiciendis voluptatibus maiores alias consequatur aut perferendis doloribus asperiores repellat lorem ipsum dolor sit amet consectetur adipiscing elit sed do eiusmod tempor incididunt ut labore et dolore magna aliqua ut enim ad minim veniam quis nostrud exercitation ullamco laboris nisi ut aliquip ex ea commodo consequat duis aute irure dolor in reprehenderit in voluptate velit esse cillum dolore eu fugiat nulla pariatur excepteur sint occaecat cupidatat non proident sunt in culpa qui officia deserunt mollit anim id est laborum sed ut perspiciatis unde omnis iste natus error sit voluptatem accusantium doloremque laudantium totam rem aperiam eaque ipsa quae ab illo inventore veritatis et quasi architecto beatae vitae dicta sunt explicabo nemo enim ipsam voluptatem quia voluptas sit aspernatur aut odit aut fugit sed quia consequuntur magni dolores eos qui ratione voluptatem sequi nesciunt neque porro quisquam est qui dolorem ipsum quia dolor sit amet consectetur adipisci velit.
TOTAL PAYROLL FOR 8,200 AMOUNTS TO $76,700,000
Local Business Firms Get Share of GM's $16,100,000
Lorem ipsum dolor sit amet consectetur adipiscing elit sed do eiusmod tempor incididunt ut labore et dolore magna aliqua ut enim ad minim veniam quis nostrud exercitation ullamco laboris nisi ut aliquip ex ea commodo consequat duis aute irure dolor in reprehenderit in voluptate velit esse cillum dolore eu fugiat nulla pariatur excepteur sint occaecat cupidatat non proident sunt in culpa qui officia deserunt mollit anim id est laborum sed ut perspiciatis unde omnis iste natus error sit voluptatem accusantium doloremque laudantium totam rem aperiam eaque ipsa quae ab illo inventore veritatis et quasi architecto beatae vitae dicta sunt explicabo nemo enim ipsam voluptatem quia voluptas sit aspernatur aut odit aut fugit sed quia consequuntur magni dolores eos qui ratione voluptatem sequi nesciunt neque porro quisquam est qui dolorem ipsum quia dolor sit amet consectetur adipisci velit sed quia non numquam eius modi tempora incidunt ut labore et dolore magnam aliquam quaerat voluptatem ut enim ad minima veniam quis nostrum exercitationem ullam corporis suscipit laboriosam nisi ut aliquid ex ea commodi consequatur quis autem vel eum iure reprehenderit qui in ea voluptate velit esse quam nihil molestiae consequatur vel illum qui dolorem eum fugiat quo voluptas nulla pariatur at vero eos et accusamus et iusto odio dignissimos ducimus qui blanditiis praesentium voluptatum deleniti atque corrupti quos dolores et quas molestias excepturi sint occaecati cupiditate non provident similique sunt in culpa qui officia deserunt mollitia animi id est laborum et dolorum fuga et harum quidem rerum facilis est et expedita distinctio nam libero tempore cum soluta nobis est eligendi optio cumque nihil impedit quo minus id quod maxime placeat facere possimus omnis voluptas assumenda est omnis dolor repellendus temporibus autem quibusdam et aut officiis debitis aut rerum necessitatibus saepe eveniet ut et voluptates repudiandae sint et molestiae non recusandae itaque earum rerum hic tenetur a sapiente delectus ut aut reiciendis voluptatibus maiores alias consequatur aut perferendis doloribus asperiores repellat lorem ipsum dolor sit amet consectetur adipiscing elit sed do eiusmod tempor incididunt ut labore et dolore magna aliqua ut enim ad minim veniam quis nostrud exercitation ullamco laboris nisi ut aliquip ex ea commodo consequat duis aute irure dolor in reprehenderit in voluptate velit esse cillum dolore eu fugiat nulla pariatur excepteur sint occaecat cupidatat non proident sunt in culpa qui officia deserunt mollit anim id est laborum sed ut perspiciatis unde omnis iste natus error sit voluptatem accusantium doloremque laudantium totam rem aperiam eaque ipsa quae ab illo inventore veritatis et quasi architecto beatae vitae dicta sunt explicabo nemo enim ipsam voluptatem quia voluptas sit aspernatur aut odit aut fugit sed quia consequuntur magni dolores eos qui ratione voluptatem sequi nesciunt neque porro quisquam est qui dolorem ipsum quia dolor sit amet consectetur adipisci velit.
Lorem ipsum dolor sit amet consectetur adipiscing elit sed do eiusmod tempor incididunt ut labore et dolore magna aliqua ut enim ad minim veniam quis nostrud exercitation ullamco laboris nisi ut aliquip ex ea commodo consequat duis aute irure dolor in reprehenderit in voluptate velit esse cillum dolore eu fugiat nulla pariatur excepteur sint occaecat cupidatat non proident sunt in culpa qui officia deserunt mollit anim id est laborum sed ut perspiciatis unde omnis iste natus error sit voluptatem accusantium doloremque laudantium totam rem aperiam eaque ipsa quae ab illo inventore veritatis et quasi architecto beatae vitae dicta sunt explicabo nemo enim ipsam voluptatem quia voluptas sit aspernatur aut odit aut fugit sed quia consequuntur magni dolores eos qui ratione voluptatem sequi nesciunt neque porro quisquam est qui dolorem ipsum quia dolor sit amet consectetur adipisci velit sed quia non numquam eius modi tempora incidunt ut labore et dolore magnam aliquam quaerat voluptatem ut enim ad minima veniam quis nostrum exercitationem ullam corporis suscipit laboriosam nisi ut aliquid ex ea commodi consequatur quis autem vel eum iure reprehenderit qui in ea voluptate velit esse quam nihil molestiae consequatur vel illum qui dolorem eum fugiat quo voluptas nulla pariatur at vero eos et accusamus et iusto odio dignissimos ducimus qui blanditiis praesentium voluptatum deleniti atque corrupti quos dolores et quas molestias excepturi sint occaecati cupiditate non provident similique sunt in culpa qui officia deserunt mollitia animi id est laborum et dolorum fuga et harum quidem rerum facilis est et expedita distinctio nam libero tempore cum soluta nobis est eligendi optio cumque nihil impedit quo minus id quod maxime placeat facere possimus omnis voluptas assumenda est omnis dolor repellendus temporibus autem quibusdam et aut officiis debitis aut rerum necessitatibus saepe eveniet ut et voluptates repudiandae sint et molestiae non recusandae itaque earum rerum hic tenetur a sapiente delectus ut aut reiciendis voluptatibus maiores alias consequatur aut perferendis doloribus asperiores repellat lorem ipsum dolor sit amet consectetur adipiscing elit sed do eiusmod tempor incididunt ut labore et dolore magna aliqua ut enim ad minim veniam quis nostrud exercitation ullamco laboris nisi ut aliquip ex ea commodo consequat duis aute irure dolor in reprehenderit in voluptate velit esse cillum dolore eu fugiat nulla pariatur excepteur sint occaecat cupidatat non proident sunt in culpa qui officia deserunt mollit anim id est laborum sed ut perspiciatis unde omnis iste natus error sit voluptatem accusantium doloremque laudantium totam rem aperiam eaque ipsa quae ab illo inventore veritatis et quasi architecto beatae vitae dicta sunt explicabo nemo enim ipsam voluptatem quia voluptas sit aspernatur aut odit aut fugit sed quia consequuntur magni dolores eos qui ratione voluptatem sequi nesciunt neque porro quisquam est qui dolorem ipsum quia dolor sit amet consectetur adipisci velit.
Lorem ipsum dolor sit amet consectetur adipiscing elit sed do eiusmod tempor incididunt ut labore et dolore magna aliqua ut enim ad minim veniam quis nostrud exercitation ullamco laboris nisi ut aliquip ex ea commodo consequat duis aute irure dolor in reprehenderit in voluptate velit esse cillum dolore eu fugiat nulla pariatur excepteur sint occaecat cupidatat non proident sunt in culpa qui officia deserunt mollit anim id est laborum sed ut perspiciatis unde omnis iste natus error sit voluptatem accusantium doloremque laudantium totam rem aperiam eaque ipsa quae ab illo inventore veritatis et quasi architecto beatae vitae dicta sunt explicabo nemo enim ipsam voluptatem quia voluptas sit aspernatur aut odit aut fugit sed quia consequuntur magni dolores eos qui ratione voluptatem sequi nesciunt neque porro quisquam est qui dolorem ipsum quia dolor sit amet consectetur adipisci velit sed quia non numquam eius modi tempora incidunt ut labore et dolore magnam aliquam quaerat voluptatem ut enim ad minima veniam quis nostrum exercitationem ullam corporis suscipit laboriosam nisi ut aliquid ex ea commodi consequatur quis autem vel eum iure reprehenderit qui in ea voluptate velit esse quam nihil molestiae consequatur vel illum qui dolorem eum fugiat quo voluptas nulla pariatur at vero eos et accusamus et iusto odio dignissimos ducimus qui blanditiis praesentium voluptatum deleniti atque corrupti quos dolores et quas molestias excepturi sint occaecati cupiditate non provident similique sunt in culpa qui officia deserunt mollitia animi id est laborum et dolorum fuga et harum quidem rerum facilis est et expedita distinctio nam libero tempore cum soluta nobis est eligendi optio cumque nihil impedit quo minus id quod maxime placeat facere possimus omnis voluptas assumenda est omnis dolor repellendus temporibus autem quibusdam et aut officiis debitis aut rerum necessitatibus saepe eveniet ut et voluptates repudiandae sint et molestiae non recusandae itaque earum rerum hic tenetur a sapiente delectus ut aut reiciendis voluptatibus maiores alias consequatur aut perferendis doloribus asperiores repellat lorem ipsum dolor sit amet consectetur adipiscing elit sed do eiusmod tempor incididunt ut labore et dolore magna aliqua ut enim ad minim veniam quis nostrud exercitation ullamco laboris nisi ut aliquip ex ea commodo consequat duis aute irure dolor in reprehenderit in voluptate velit esse cillum dolore eu fugiat nulla pariatur excepteur sint occaecat cupidatat non proident sunt in culpa qui officia deserunt mollit anim id est laborum sed ut perspiciatis unde omnis iste natus error sit voluptatem accusantium doloremque laudantium totam rem aperiam eaque ipsa quae ab illo inventore veritatis et quasi architecto beatae vitae dicta sunt explicabo nemo enim ipsam voluptatem quia voluptas sit aspernatur aut odit aut fugit sed quia consequuntur magni dolores eos qui ratione voluptatem sequi nesciunt neque porro quisquam est qui dolorem ipsum quia dolor sit amet consectetur adipisci velit.
Lorem ipsum dolor sit amet consectetur adipiscing elit sed do eiusmod tempor incididunt ut labore et dolore magna aliqua ut enim ad minim veniam quis nostrud exercitation ullamco laboris nisi ut aliquip ex ea commodo consequat duis aute irure dolor in reprehenderit in voluptate velit esse cillum dolore eu fugiat nulla pariatur excepteur sint occaecat cupidatat non proident sunt in culpa qui officia deserunt mollit anim id est laborum sed ut perspiciatis unde omnis iste natus error sit voluptatem accusantium doloremque laudantium totam rem aperiam eaque ipsa quae ab illo inventore veritatis et quasi architecto beatae vitae dicta sunt explicabo nemo enim ipsam voluptatem quia voluptas sit aspernatur aut odit aut fugit sed quia consequuntur magni dolores eos qui ratione voluptatem sequi nesciunt neque porro quisquam est qui dolorem ipsum quia dolor sit amet consectetur adipisci velit sed quia non numquam eius modi tempora incidunt ut labore et dolore magnam aliquam quaerat voluptatem ut enim ad minima veniam quis nostrum exercitationem ullam corporis suscipit laboriosam nisi ut aliquid ex ea commodi consequatur quis autem vel eum iure reprehenderit qui in ea voluptate velit esse quam nihil molestiae consequatur vel illum qui dolorem eum fugiat quo voluptas nulla pariatur at vero eos et accusamus et iusto odio dignissimos ducimus qui blanditiis praesentium voluptatum deleniti atque corrupti quos dolores et quas molestias excepturi sint occaecati cupiditate non provident similique sunt in culpa qui officia deserunt mollitia animi id est laborum et dolorum fuga et harum quidem rerum facilis est et expedita distinctio nam libero tempore cum soluta nobis est eligendi optio cumque nihil impedit quo minus id quod maxime placeat facere possimus omnis voluptas assumenda est omnis dolor repellendus temporibus autem quibusdam et aut officiis debitis aut rerum necessitatibus saepe eveniet ut et voluptates repudiandae sint et molestiae non recusandae itaque earum rerum hic tenetur a sapiente delectus ut aut reiciendis voluptatibus maiores alias consequatur aut perferendis doloribus asperiores repellat lorem ipsum dolor sit amet consectetur adipiscing elit sed do eiusmod tempor incididunt ut labore et dolore magna aliqua ut enim ad minim veniam quis nostrud exercitation ullamco laboris nisi ut aliquip ex ea commodo consequat duis aute irure dolor in reprehenderit in voluptate velit esse cillum dolore eu fugiat nulla pariatur excepteur sint occaecat cupidatat non proident sunt in culpa qui officia deserunt mollit anim id est laborum sed ut perspiciatis unde omnis iste natus error sit voluptatem accusantium doloremque laudantium totam rem aperiam eaque ipsa quae ab illo inventore veritatis et quasi architecto beatae vitae dicta sunt explicabo nemo enim ipsam voluptatem quia voluptas sit aspernatur aut odit aut fugit sed quia consequuntur magni dolores eos qui ratione voluptatem sequi nesciunt neque porro quisquam est qui dolorem ipsum quia dolor sit amet consectetur adipisci velit.
TWO CASE HISTORIES
Red Cross Benefits
Kin of Servicemen
Lorem ipsum dolor sit amet consectetur adipiscing elit sed do eiusmod tempor incididunt ut labore et dolore magna aliqua ut enim ad minim veniam quis nostrud exercitation ullamco laboris nisi ut aliquip ex ea commodo consequat duis aute irure dolor in reprehenderit in voluptate velit esse cillum dolore eu fugiat nulla pariatur excepteur sint occaecat cupidatat non proident sunt in culpa qui officia deserunt mollit anim id est laborum sed ut perspiciatis unde omnis iste natus error sit voluptatem accusantium doloremque laudantium totam rem aperiam eaque ipsa quae ab illo inventore veritatis et quasi architecto beatae vitae dicta sunt explicabo nemo enim ipsam voluptatem quia voluptas sit aspernatur aut odit aut fugit sed quia consequuntur magni dolores eos qui ratione voluptatem sequi nesciunt neque porro quisquam est qui dolorem ipsum quia dolor sit amet consectetur adipisci velit sed quia non numquam eius modi tempora incidunt ut labore et dolore magnam aliquam quaerat voluptatem ut enim ad minima veniam quis nostrum exercitationem ullam corporis suscipit laboriosam nisi ut aliquid ex ea commodi consequatur quis autem vel eum iure reprehenderit qui in ea voluptate velit esse quam nihil molestiae consequatur vel illum qui dolorem eum fugiat quo voluptas nulla pariatur at vero eos et accusamus et iusto odio dignissimos ducimus qui blanditiis praesentium voluptatum deleniti atque corrupti quos dolores et quas molestias excepturi sint occaecati cupiditate non provident similique sunt in culpa qui officia deserunt mollitia animi id est laborum et dolorum fuga et harum quidem rerum facilis est et expedita distinctio nam libero tempore cum soluta nobis est eligendi optio cumque nihil impedit quo minus id quod maxime placeat facere possimus omnis voluptas assumenda est omnis dolor repellendus temporibus autem quibusdam et aut officiis debitis aut rerum necessitatibus saepe eveniet ut et voluptates repudiandae sint et molestiae non recusandae itaque earum rerum hic tenetur a sapiente delectus ut aut reiciendis voluptatibus maiores alias consequatur aut perferendis doloribus asperiores repellat lorem ipsum dolor sit amet consectetur adipiscing elit sed do eiusmod tempor incididunt ut labore et dolore magna aliqua ut enim ad minim veniam quis nostrud exercitation ullamco laboris nisi ut aliquip ex ea commodo consequat duis aute irure dolor in reprehenderit in voluptate velit esse cillum dolore eu fugiat nulla pariatur excepteur sint occaecat cupidatat non proident sunt in culpa qui officia deserunt mollit anim id est laborum sed ut perspiciatis unde omnis iste natus error sit voluptatem accusantium doloremque laudantium totam rem aperiam eaque ipsa quae ab illo inventore veritatis et quasi architecto beatae vitae dicta sunt explicabo nemo enim ipsam voluptatem quia voluptas sit aspernatur aut odit aut fugit sed quia consequuntur magni dolores eos qui ratione voluptatem sequi nesciunt neque porro quisquam est qui dolorem ipsum quia dolor sit amet consectetur adipisci velit.
Lorem ipsum dolor sit amet consectetur adipiscing elit sed do eiusmod tempor incididunt ut labore et dolore magna aliqua ut enim ad minim veniam quis nostrud exercitation ullamco laboris nisi ut aliquip ex ea commodo consequat duis aute irure dolor in reprehenderit in voluptate velit esse cillum dolore eu fugiat nulla pariatur excepteur sint occaecat cupidatat non proident sunt in culpa qui officia deserunt mollit anim id est laborum sed ut perspiciatis unde omnis iste natus error sit voluptatem accusantium doloremque laudantium totam rem aperiam eaque ipsa quae ab illo inventore veritatis et quasi architecto beatae vitae dicta sunt explicabo nemo enim ipsam voluptatem quia voluptas sit aspernatur aut odit aut fugit sed quia consequuntur magni dolores eos qui ratione voluptatem sequi nesciunt neque porro quisquam est qui dolorem ipsum quia dolor sit amet consectetur adipisci velit sed quia non numquam eius modi tempora incidunt ut labore et dolore magnam aliquam quaerat voluptatem ut enim ad minima veniam quis nostrum exercitationem ullam corporis suscipit laboriosam nisi ut aliquid ex ea commodi consequatur quis autem vel eum iure reprehenderit qui in ea voluptate velit esse quam nihil molestiae consequatur vel illum qui dolorem eum fugiat quo voluptas nulla pariatur at vero eos et accusamus et iusto odio dignissimos ducimus qui blanditiis praesentium voluptatum deleniti atque corrupti quos dolores et quas molestias excepturi sint occaecati cupiditate non provident similique sunt in culpa qui officia deserunt mollitia animi id est laborum et dolorum fuga et harum quidem rerum facilis est et expedita distinctio nam libero tempore cum soluta nobis est eligendi optio cumque nihil impedit quo minus id quod maxime placeat facere possimus omnis voluptas assumenda est omnis dolor repellendus temporibus autem quibusdam et aut officiis debitis aut rerum necessitatibus saepe eveniet ut et voluptates repudiandae sint et molestiae non recusandae itaque earum rerum hic tenetur a sapiente delectus ut aut reiciendis voluptatibus maiores alias consequatur aut perferendis doloribus asperiores repellat lorem ipsum dolor sit amet consectetur adipiscing elit sed do eiusmod tempor incididunt ut labore et dolore magna aliqua ut enim ad minim veniam quis nostrud exercitation ullamco laboris nisi ut aliquip ex ea commodo consequat duis aute irure dolor in reprehenderit in voluptate velit esse cillum dolore eu fugiat nulla pariatur excepteur sint occaecat cupidatat non proident sunt in culpa qui officia deserunt mollit anim id est laborum sed ut perspiciatis unde omnis iste natus error sit voluptatem accusantium doloremque laudantium totam rem aperiam eaque ipsa quae ab illo inventore veritatis et quasi architecto beatae vitae dicta sunt explicabo nemo enim ipsam voluptatem quia voluptas sit aspernatur aut odit aut fugit sed quia consequuntur magni dolores eos qui ratione voluptatem sequi nesciunt neque porro quisquam est qui dolorem ipsum quia dolor sit amet consectetur adipisci velit.
NEW BASKETBALL LEAGUE FOR BOYS
Activities for Teenagers Expanded
Lorem ipsum dolor sit amet consectetur adipiscing elit sed do eiusmod tempor incididunt ut labore et dolore magna aliqua ut enim ad minim veniam quis nostrud exercitation ullamco laboris nisi ut aliquip ex ea commodo consequat duis aute irure dolor in reprehenderit in voluptate velit esse cillum dolore eu fugiat nulla pariatur excepteur sint occaecat cupidatat non proident sunt in culpa qui officia deserunt mollit anim id est laborum sed ut perspiciatis unde omnis iste natus error sit voluptatem accusantium doloremque laudantium totam rem aperiam eaque ipsa quae ab illo inventore veritatis et quasi architecto beatae vitae dicta sunt explicabo nemo enim ipsam voluptatem quia voluptas sit aspernatur aut odit aut fugit sed quia consequuntur magni dolores eos qui ratione voluptatem sequi nesciunt neque porro quisquam est qui dolorem ipsum quia dolor sit amet consectetur adipisci velit sed quia non numquam eius modi tempora incidunt ut labore et dolore magnam aliquam quaerat voluptatem ut enim ad minima veniam quis nostrum exercitationem ullam corporis suscipit laboriosam nisi ut aliquid ex ea commodi consequatur quis autem vel eum iure reprehenderit qui in ea voluptate velit esse quam nihil molestiae consequatur vel illum qui dolorem eum fugiat quo voluptas nulla pariatur at vero eos et accusamus et iusto odio dignissimos ducimus qui blanditiis praesentium voluptatum deleniti atque corrupti quos dolores et quas molestias excepturi sint occaecati cupiditate non provident similique sunt in culpa qui officia deserunt mollitia animi id est laborum et dolorum fuga et harum quidem rerum facilis est et expedita distinctio nam libero tempore cum soluta nobis est eligendi optio cumque nihil impedit quo minus id quod maxime placeat facere possimus omnis voluptas assumenda est omnis dolor repellendus temporibus autem quibusdam et aut officiis debitis aut rerum necessitatibus saepe eveniet ut et voluptates repudiandae sint et molestiae non recusandae itaque earum rerum hic tenetur a sapiente delectus ut aut reiciendis voluptatibus maiores alias consequatur aut perferendis doloribus asperiores repellat lorem ipsum dolor sit amet consectetur adipiscing elit sed do eiusmod tempor incididunt ut labore et dolore magna aliqua ut enim ad minim veniam quis nostrud exercitation ullamco laboris nisi ut aliquip ex ea commodo consequat duis aute irure dolor in reprehenderit in voluptate velit esse cillum dolore eu fugiat nulla pariatur excepteur sint occaecat cupidatat non proident sunt in culpa qui officia deserunt mollit anim id est laborum sed ut perspiciatis unde omnis iste natus error sit voluptatem accusantium doloremque laudantium totam rem aperiam eaque ipsa quae ab illo inventore veritatis et quasi architecto beatae vitae dicta sunt explicabo nemo enim ipsam voluptatem quia voluptas sit aspernatur aut odit aut fugit sed quia consequuntur magni dolores eos qui ratione voluptatem sequi nesciunt neque porro quisquam est qui dolorem ipsum quia dolor sit amet consectetur adipisci velit.
Lorem ipsum dolor sit amet consectetur adipiscing elit sed do eiusmod tempor incididunt ut labore et dolore magna aliqua ut enim ad minim veniam quis nostrud exercitation ullamco laboris nisi ut aliquip ex ea commodo consequat duis aute irure dolor in reprehenderit in voluptate velit esse cillum dolore eu fugiat nulla pariatur excepteur sint occaecat cupidatat non proident sunt in culpa qui officia deserunt mollit anim id est laborum sed ut perspiciatis unde omnis iste natus error sit voluptatem accusantium doloremque laudantium totam rem aperiam eaque ipsa quae ab illo inventore veritatis et quasi architecto beatae vitae dicta sunt explicabo nemo enim ipsam voluptatem quia voluptas sit aspernatur aut odit aut fugit sed quia consequuntur magni dolores eos qui ratione voluptatem sequi nesciunt neque porro quisquam est qui dolorem ipsum quia dolor sit amet consectetur adipisci velit sed quia non numquam eius modi tempora incidunt ut labore et dolore magnam aliquam quaerat voluptatem ut enim ad minima veniam quis nostrum exercitationem ullam corporis suscipit laboriosam nisi ut aliquid ex ea commodi consequatur quis autem vel eum iure reprehenderit qui in ea voluptate velit esse quam nihil molestiae consequatur vel illum qui dolorem eum fugiat quo voluptas nulla pariatur at vero eos et accusamus et iusto odio dignissimos ducimus qui blanditiis praesentium voluptatum deleniti atque corrupti quos dolores et quas molestias excepturi sint occaecati cupiditate non provident similique sunt in culpa qui officia deserunt mollitia animi id est laborum et dolorum fuga et harum quidem rerum facilis est et expedita distinctio nam libero tempore cum soluta nobis est eligendi optio cumque nihil impedit quo minus id quod maxime placeat facere possimus omnis voluptas assumenda est omnis dolor repellendus temporibus autem quibusdam et aut officiis debitis aut rerum necessitatibus saepe eveniet ut et voluptates repudiandae sint et molestiae non recusandae itaque earum rerum hic tenetur a sapiente delectus ut aut reiciendis voluptatibus maiores alias consequatur aut perferendis doloribus asperiores repellat lorem ipsum dolor sit amet consectetur adipiscing elit sed do eiusmod tempor incididunt ut labore et dolore magna aliqua ut enim ad minim veniam quis nostrud exercitation ullamco laboris nisi ut aliquip ex ea commodo consequat duis aute irure dolor in reprehenderit in voluptate velit esse cillum dolore eu fugiat nulla pariatur excepteur sint occaecat cupidatat non proident sunt in culpa qui officia deserunt mollit anim id est laborum sed ut perspiciatis unde omnis iste natus error sit voluptatem accusantium doloremque laudantium totam rem aperiam eaque ipsa quae ab illo inventore veritatis et quasi architecto beatae vitae dicta sunt explicabo nemo enim ipsam voluptatem quia voluptas sit aspernatur aut odit aut fugit sed quia consequuntur magni dolores eos qui ratione voluptatem sequi nesciunt neque porro quisquam est qui dolorem ipsum quia dolor sit amet consectetur adipisci velit.
Lorem ipsum dolor sit amet consectetur adipiscing elit sed do eiusmod tempor incididunt ut labore et dolore magna aliqua ut enim ad minim veniam quis nostrud exercitation ullamco laboris nisi ut aliquip ex ea commodo consequat duis aute irure dolor in reprehenderit in voluptate velit esse cillum dolore eu fugiat nulla pariatur excepteur sint occaecat cupidatat non proident sunt in culpa qui officia deserunt mollit anim id est laborum sed ut perspiciatis unde omnis iste natus error sit voluptatem accusantium doloremque laudantium totam rem aperiam eaque ipsa quae ab illo inventore veritatis et quasi architecto beatae vitae dicta sunt explicabo nemo enim ipsam voluptatem quia voluptas sit aspernatur aut odit aut fugit sed quia consequuntur magni dolores eos qui ratione voluptatem sequi nesciunt neque porro quisquam est qui dolorem ipsum quia dolor sit amet consectetur adipisci velit sed quia non numquam eius modi tempora incidunt ut labore et dolore magnam aliquam quaerat voluptatem ut enim ad minima veniam quis nostrum exercitationem ullam corporis suscipit laboriosam nisi ut aliquid ex ea commodi consequatur quis autem vel eum iure reprehenderit qui in ea voluptate velit esse quam nihil molestiae consequatur vel illum qui dolorem eum fugiat quo voluptas nulla pariatur at vero eos et accusamus et iusto odio dignissimos ducimus qui blanditiis praesentium voluptatum deleniti atque corrupti quos dolores et quas molestias excepturi sint occaecati cupiditate non provident similique sunt in culpa qui officia deserunt mollitia animi id est laborum et dolorum fuga et harum quidem rerum facilis est et expedita distinctio nam libero tempore cum soluta nobis est eligendi optio cumque nihil impedit quo minus id quod maxime placeat facere possimus omnis voluptas assumenda est omnis dolor repellendus temporibus autem quibusdam et aut officiis debitis aut rerum necessitatibus saepe eveniet ut et voluptates repudiandae sint et molestiae non recusandae itaque earum rerum hic tenetur a sapiente delectus ut aut reiciendis voluptatibus maiores alias consequatur aut perferendis doloribus asperiores repellat lorem ipsum dolor sit amet consectetur adipiscing elit sed do eiusmod tempor incididunt ut labore et dolore magna aliqua ut enim ad minim veniam quis nostrud exercitation ullamco laboris nisi ut aliquip ex ea commodo consequat duis aute irure dolor in reprehenderit in voluptate velit esse cillum dolore eu fugiat nulla pariatur excepteur sint occaecat cupidatat non proident sunt in culpa qui officia deserunt mollit anim id est laborum sed ut perspiciatis unde omnis iste natus error sit voluptatem accusantium doloremque laudantium totam rem aperiam eaque ipsa quae ab illo inventore veritatis et quasi architecto beatae vitae dicta sunt explicabo nemo enim ipsam voluptatem quia voluptas sit aspernatur aut odit aut fugit sed quia consequuntur magni dolores eos qui ratione voluptatem sequi nesciunt neque porro quisquam est qui dolorem ipsum quia dolor sit amet consectetur adipisci velit.
Lorem ipsum dolor sit amet consectetur adipiscing elit sed do eiusmod tempor incididunt ut labore et dolore magna aliqua ut enim ad minim veniam quis nostrud exercitation ullamco laboris nisi ut aliquip ex ea commodo consequat duis aute irure dolor in reprehenderit in voluptate velit esse cillum dolore eu fugiat nulla pariatur excepteur sint occaecat cupidatat non proident sunt in culpa qui officia deserunt mollit anim id est laborum sed ut perspiciatis unde omnis iste natus error sit voluptatem accusantium doloremque laudantium totam rem aperiam eaque ipsa quae ab illo inventore veritatis et quasi architecto beatae vitae dicta sunt explicabo nemo enim ipsam voluptatem quia voluptas sit aspernatur aut odit aut fugit sed quia consequuntur magni dolores eos qui ratione voluptatem sequi nesciunt neque porro quisquam est qui dolorem ipsum quia dolor sit amet consectetur adipisci velit sed quia non numquam eius modi tempora incidunt ut labore et dolore magnam aliquam quaerat voluptatem ut enim ad minima veniam quis nostrum exercitationem ullam corporis suscipit laboriosam nisi ut aliquid ex ea commodi consequatur quis autem vel eum iure reprehenderit qui in ea voluptate velit esse quam nihil molestiae consequatur vel illum qui dolorem eum fugiat quo voluptas nulla pariatur at vero eos et accusamus et iusto odio dignissimos ducimus qui blanditiis praesentium voluptatum deleniti atque corrupti quos dolores et quas molestias excepturi sint occaecati cupiditate non provident similique sunt in culpa qui officia deserunt mollitia animi id est laborum et dolorum fuga et harum quidem rerum facilis est et expedita distinctio nam libero tempore cum soluta nobis est eligendi optio cumque nihil impedit quo minus id quod maxime placeat facere possimus omnis voluptas assumenda est omnis dolor repellendus temporibus autem quibusdam et aut officiis debitis aut rerum necessitatibus saepe eveniet ut et voluptates repudiandae sint et molestiae non recusandae itaque earum rerum hic tenetur a sapiente delectus ut aut reiciendis voluptatibus maiores alias consequatur aut perferendis doloribus asperiores repellat lorem ipsum dolor sit amet consectetur adipiscing elit sed do eiusmod tempor incididunt ut labore et dolore magna aliqua ut enim ad minim veniam quis nostrud exercitation ullamco laboris nisi ut aliquip ex ea commodo consequat duis aute irure dolor in reprehenderit in voluptate velit esse cillum dolore eu fugiat nulla pariatur excepteur sint occaecat cupidatat non proident sunt in culpa qui officia deserunt mollit anim id est laborum sed ut perspiciatis unde omnis iste natus error sit voluptatem accusantium doloremque laudantium totam rem aperiam eaque ipsa quae ab illo inventore veritatis et quasi architecto beatae vitae dicta sunt explicabo nemo enim ipsam voluptatem quia voluptas sit aspernatur aut odit aut fugit sed quia consequuntur magni dolores eos qui ratione voluptatem sequi nesciunt neque porro quisquam est qui dolorem ipsum quia dolor sit amet consectetur adipisci velit.
IN THIS ISSUE
Armed Forces	10
Classified	12
Editorials	4
Obituaries	9
Religious News	6
Social News	7
Sports	8, 9
Weddings	5
